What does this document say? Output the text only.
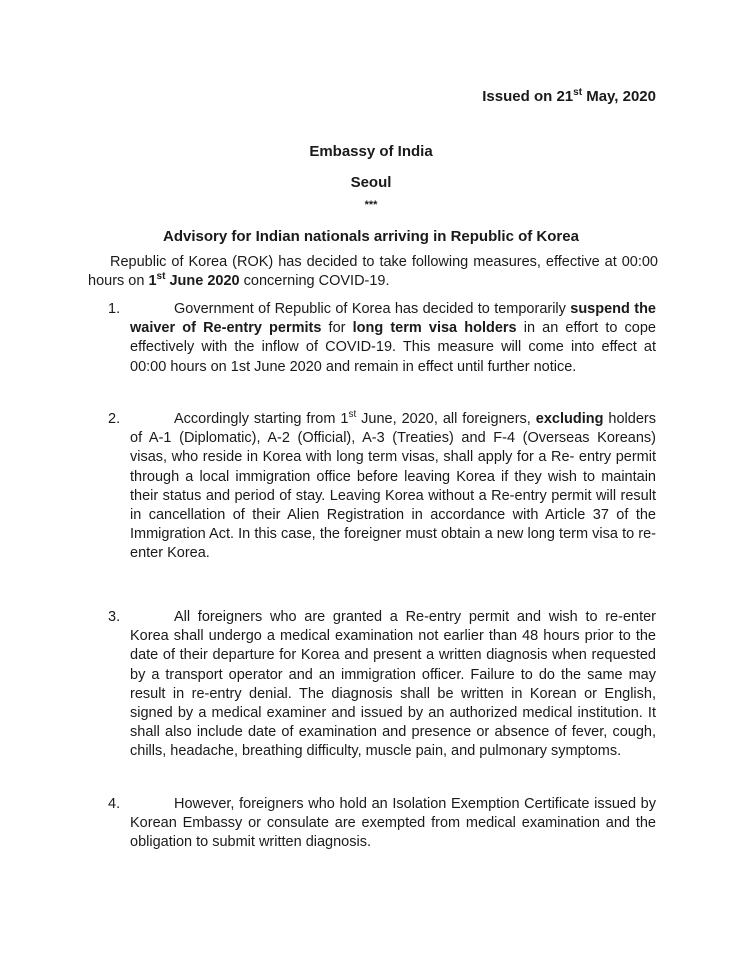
Issued on 21st May, 2020
Embassy of India
Seoul
***
Advisory for Indian nationals arriving in Republic of Korea
Republic of Korea (ROK) has decided to take following measures, effective at 00:00 hours on 1st June 2020 concerning COVID-19.
1.	Government of Republic of Korea has decided to temporarily suspend the waiver of Re-entry permits for long term visa holders in an effort to cope effectively with the inflow of COVID-19. This measure will come into effect at 00:00 hours on 1st June 2020 and remain in effect until further notice.
2.	Accordingly starting from 1st June, 2020, all foreigners, excluding holders of A-1 (Diplomatic), A-2 (Official), A-3 (Treaties) and F-4 (Overseas Koreans) visas, who reside in Korea with long term visas, shall apply for a Re- entry permit through a local immigration office before leaving Korea if they wish to maintain their status and period of stay. Leaving Korea without a Re-entry permit will result in cancellation of their Alien Registration in accordance with Article 37 of the Immigration Act. In this case, the foreigner must obtain a new long term visa to re-enter Korea.
3.	All foreigners who are granted a Re-entry permit and wish to re-enter Korea shall undergo a medical examination not earlier than 48 hours prior to the date of their departure for Korea and present a written diagnosis when requested by a transport operator and an immigration officer. Failure to do the same may result in re-entry denial. The diagnosis shall be written in Korean or English, signed by a medical examiner and issued by an authorized medical institution. It shall also include date of examination and presence or absence of fever, cough, chills, headache, breathing difficulty, muscle pain, and pulmonary symptoms.
4.	However, foreigners who hold an Isolation Exemption Certificate issued by Korean Embassy or consulate are exempted from medical examination and the obligation to submit written diagnosis.
